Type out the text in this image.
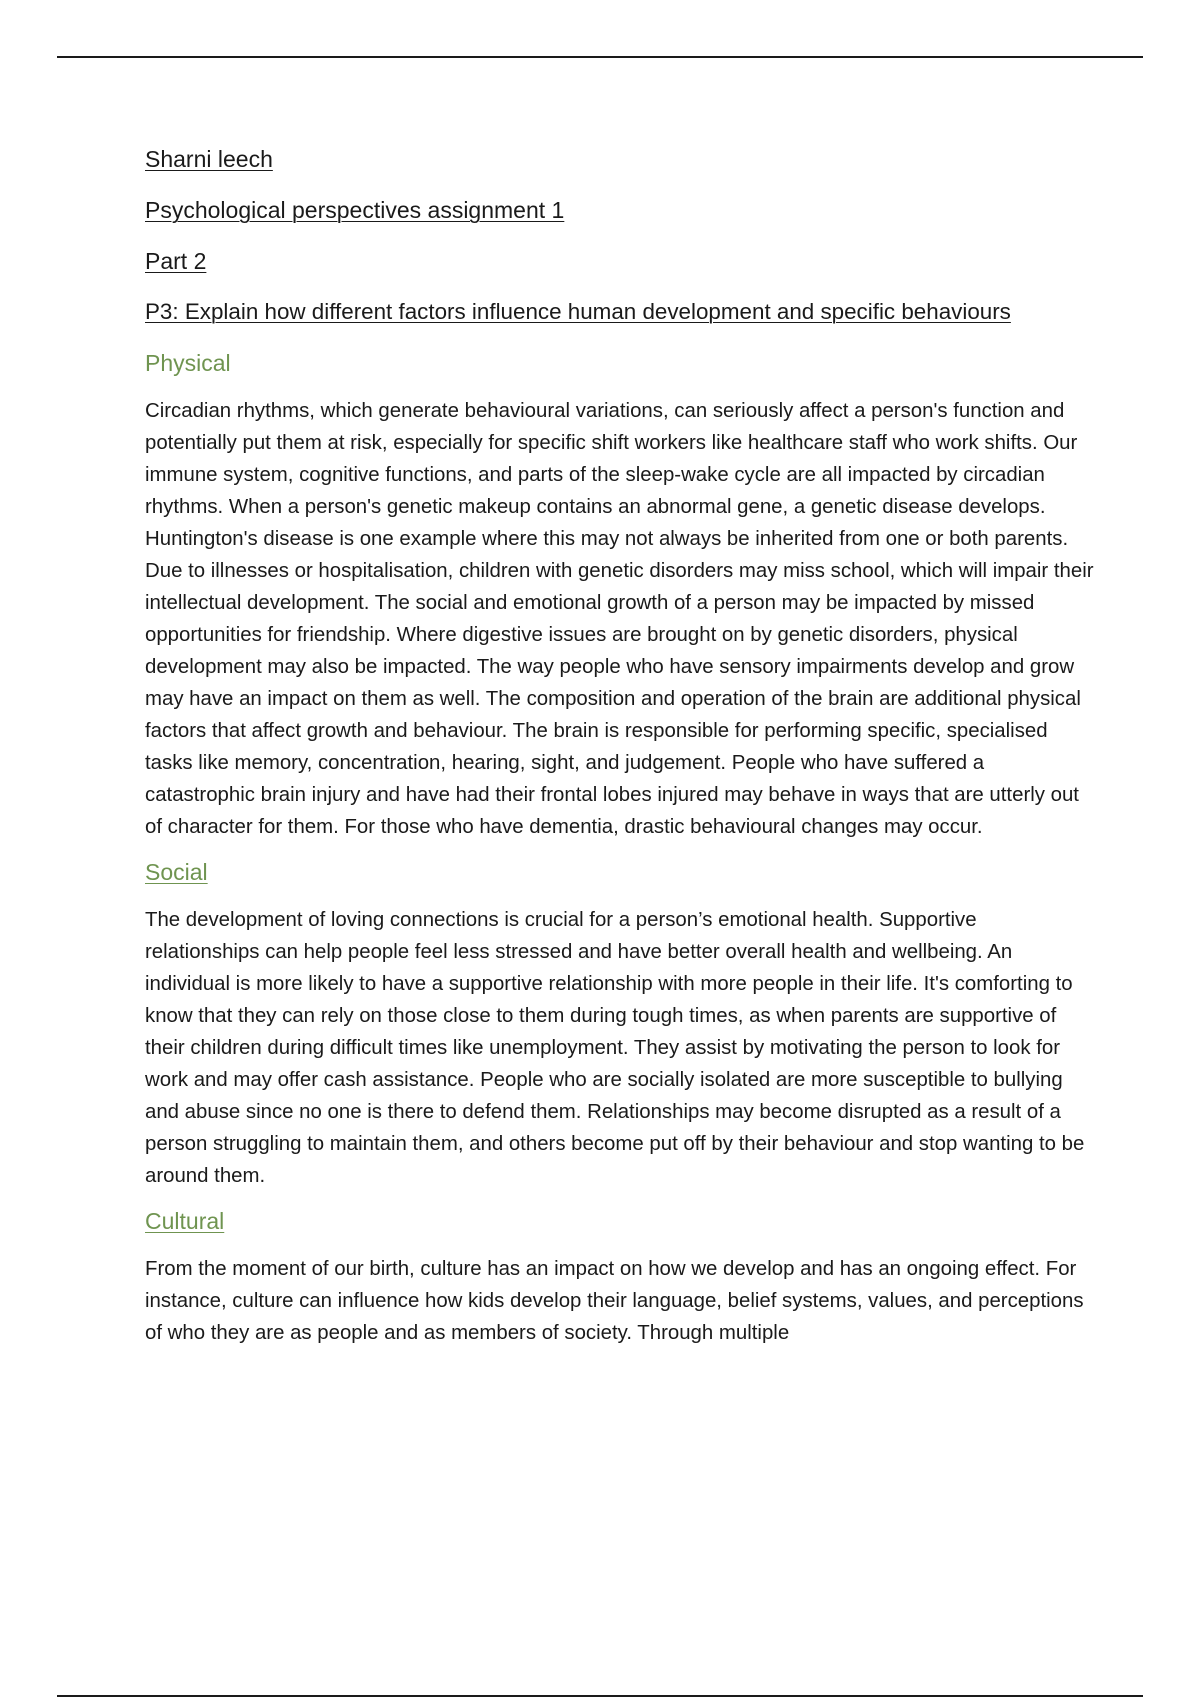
Sharni leech
Psychological perspectives assignment 1
Part 2
P3: Explain how different factors influence human development and specific behaviours
Physical
Circadian rhythms, which generate behavioural variations, can seriously affect a person's function and potentially put them at risk, especially for specific shift workers like healthcare staff who work shifts. Our immune system, cognitive functions, and parts of the sleep-wake cycle are all impacted by circadian rhythms. When a person's genetic makeup contains an abnormal gene, a genetic disease develops. Huntington's disease is one example where this may not always be inherited from one or both parents. Due to illnesses or hospitalisation, children with genetic disorders may miss school, which will impair their intellectual development. The social and emotional growth of a person may be impacted by missed opportunities for friendship. Where digestive issues are brought on by genetic disorders, physical development may also be impacted. The way people who have sensory impairments develop and grow may have an impact on them as well. The composition and operation of the brain are additional physical factors that affect growth and behaviour. The brain is responsible for performing specific, specialised tasks like memory, concentration, hearing, sight, and judgement. People who have suffered a catastrophic brain injury and have had their frontal lobes injured may behave in ways that are utterly out of character for them. For those who have dementia, drastic behavioural changes may occur.
Social
The development of loving connections is crucial for a person’s emotional health. Supportive relationships can help people feel less stressed and have better overall health and wellbeing. An individual is more likely to have a supportive relationship with more people in their life. It's comforting to know that they can rely on those close to them during tough times, as when parents are supportive of their children during difficult times like unemployment. They assist by motivating the person to look for work and may offer cash assistance. People who are socially isolated are more susceptible to bullying and abuse since no one is there to defend them. Relationships may become disrupted as a result of a person struggling to maintain them, and others become put off by their behaviour and stop wanting to be around them.
Cultural
From the moment of our birth, culture has an impact on how we develop and has an ongoing effect. For instance, culture can influence how kids develop their language, belief systems, values, and perceptions of who they are as people and as members of society. Through multiple
